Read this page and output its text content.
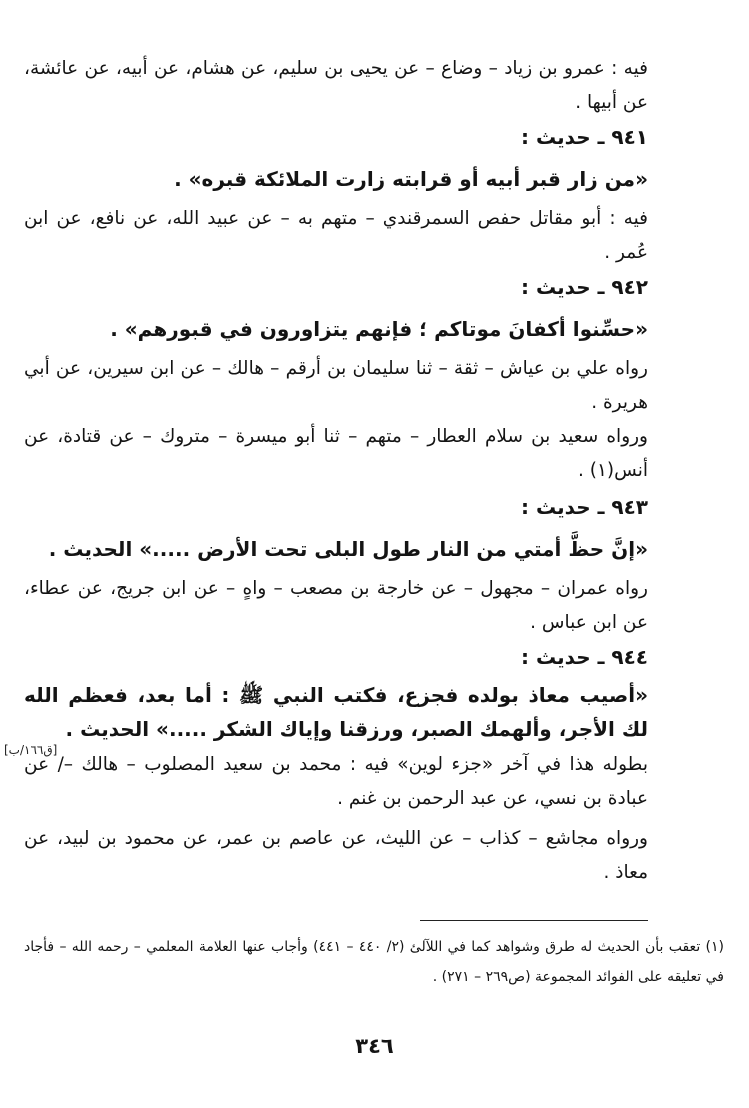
فيه : عمرو بن زياد – وضاع – عن يحيى بن سليم، عن هشام، عن أبيه، عن عائشة، عن أبيها .
٩٤١ ـ حديث :
«من زار قبر أبيه أو قرابته زارت الملائكة قبره» .
فيه : أبو مقاتل حفص السمرقندي – متهم به – عن عبيد الله، عن نافع، عن ابن عُمر .
٩٤٢ ـ حديث :
«حسِّنوا أكفانَ موتاكم ؛ فإنهم يتزاورون في قبورهم» .
رواه علي بن عياش – ثقة – ثنا سليمان بن أرقم – هالك – عن ابن سيرين، عن أبي هريرة .
ورواه سعيد بن سلام العطار – متهم – ثنا أبو ميسرة – متروك – عن قتادة، عن أنس(١) .
٩٤٣ ـ حديث :
«إنَّ حظَّ أمتي من النار طول البلى تحت الأرض .....» الحديث .
رواه عمران – مجهول – عن خارجة بن مصعب – واهٍ – عن ابن جريج، عن عطاء، عن ابن عباس .
٩٤٤ ـ حديث :
«أصيب معاذ بولده فجزع، فكتب النبي ﷺ : أما بعد، فعظم الله لك الأجر، وألهمك الصبر، ورزقنا وإياك الشكر .....» الحديث .
[ق١٦٦/ب]
بطوله هذا في آخر «جزء لوين» فيه : محمد بن سعيد المصلوب – هالك –/ عن عبادة بن نسي، عن عبد الرحمن بن غنم .
ورواه مجاشع – كذاب – عن الليث، عن عاصم بن عمر، عن محمود بن لبيد، عن معاذ .
(١) تعقب بأن الحديث له طرق وشواهد كما في اللآلئ (٢/ ٤٤٠ – ٤٤١) وأجاب عنها العلامة المعلمي – رحمه الله – فأجاد في تعليقه على الفوائد المجموعة (ص٢٦٩ – ٢٧١) .
٣٤٦
